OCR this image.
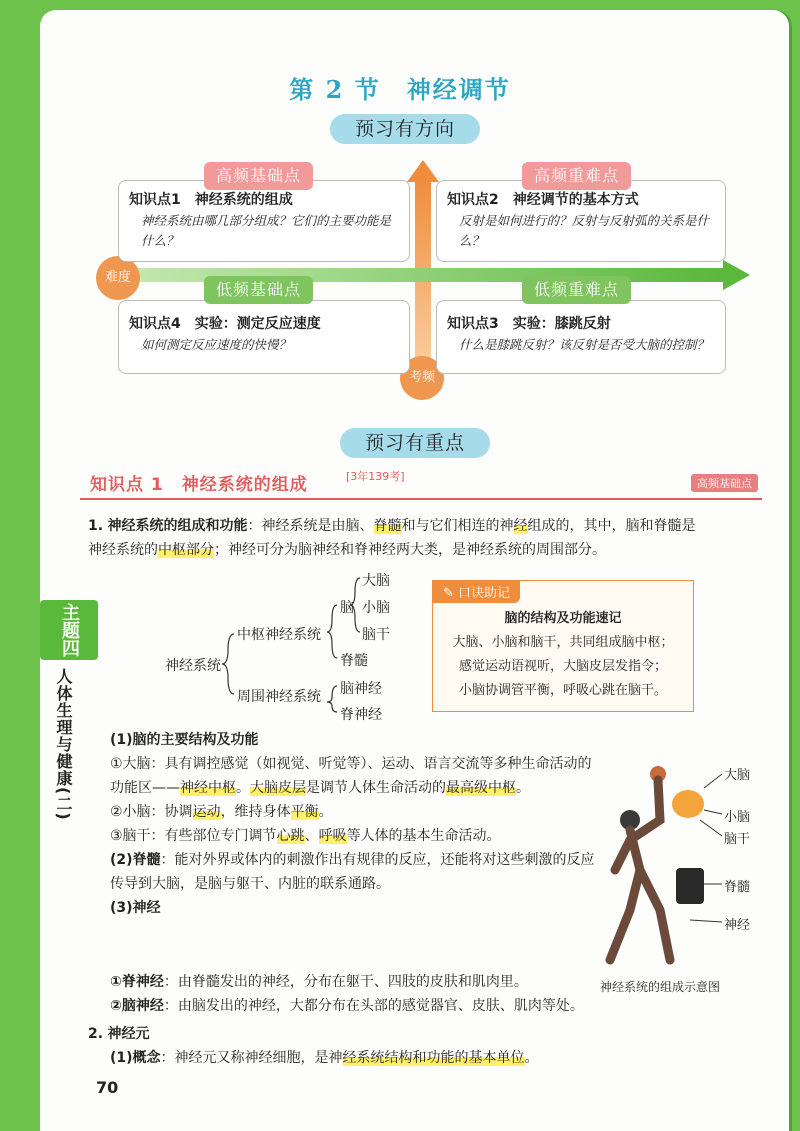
主题四
人体生理与健康(二)
第 2 节　神经调节
预习有方向
难度
考频
知识点1　神经系统的组成
神经系统由哪几部分组成？它们的主要功能是什么？
高频基础点
知识点2　神经调节的基本方式
反射是如何进行的？反射与反射弧的关系是什么？
高频重难点
知识点4　实验：测定反应速度
如何测定反应速度的快慢？
低频基础点
知识点3　实验：膝跳反射
什么是膝跳反射？该反射是否受大脑的控制？
低频重难点
预习有重点
知识点 1　神经系统的组成	[3年139考]
高频基础点
1. 神经系统的组成和功能：神经系统是由脑、脊髓和与它们相连的神经组成的，其中，脑和脊髓是神经系统的中枢部分；神经可分为脑神经和脊神经两大类，是神经系统的周围部分。
神经系统
中枢神经系统
周围神经系统
脑
大脑
小脑
脑干
脊髓
脑神经
脊神经
✎ 口诀助记

脑的结构及功能速记

大脑、小脑和脑干，共同组成脑中枢；

感觉运动语视听，大脑皮层发指令；

小脑协调管平衡，呼吸心跳在脑干。

(1)脑的主要结构及功能
①大脑：具有调控感觉（如视觉、听觉等）、运动、语言交流等多种生命活动的功能区——神经中枢。大脑皮层是调节人体生命活动的最高级中枢。
②小脑：协调运动，维持身体平衡。
③脑干：有些部位专门调节心跳、呼吸等人体的基本生命活动。
(2)脊髓：能对外界或体内的刺激作出有规律的反应，还能将对这些刺激的反应传导到大脑，是脑与躯干、内脏的联系通路。
(3)神经
①脊神经：由脊髓发出的神经，分布在躯干、四肢的皮肤和肌肉里。
②脑神经：由脑发出的神经，大都分布在头部的感觉器官、皮肤、肌肉等处。
2. 神经元
(1)概念：神经元又称神经细胞，是神经系统结构和功能的基本单位。
大脑
小脑
脑干
脊髓
神经
神经系统的组成示意图
70
